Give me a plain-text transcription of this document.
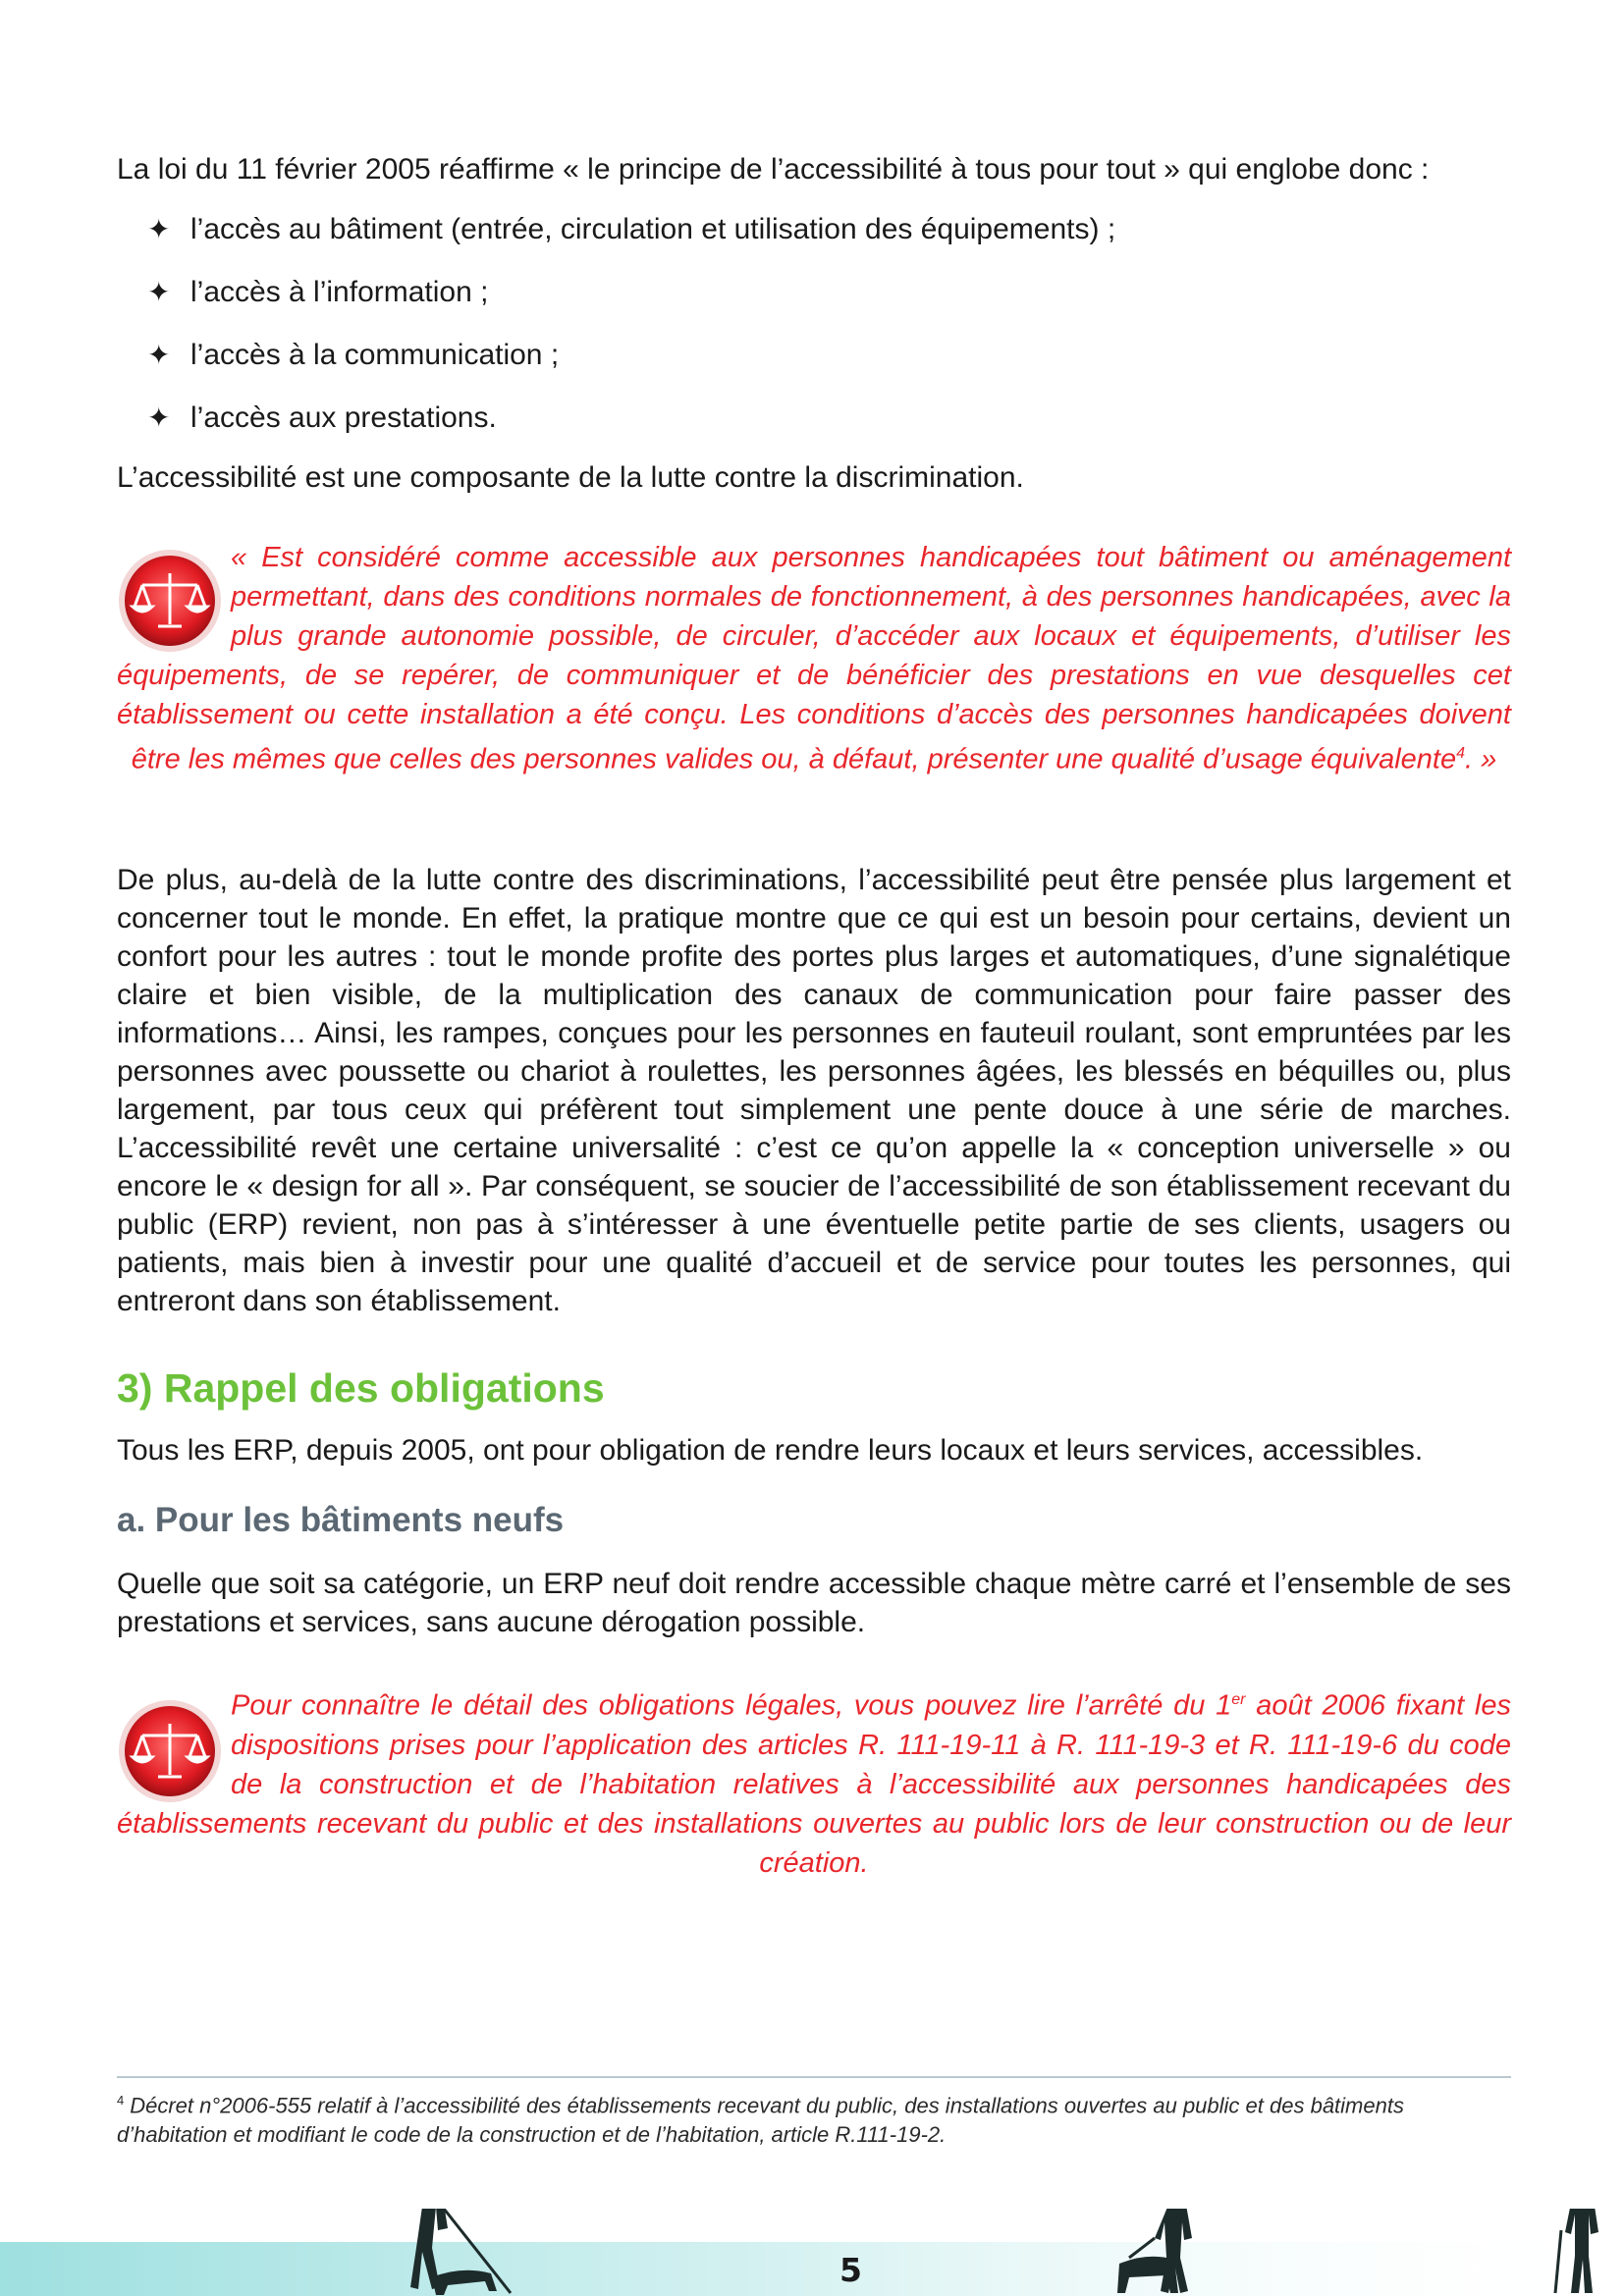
La loi du 11 février 2005 réaffirme « le principe de l’accessibilité à tous pour tout » qui englobe donc :

✦ l’accès au bâtiment (entrée, circulation et utilisation des équipements) ;
✦ l’accès à l’information ;
✦ l’accès à la communication ;
✦ l’accès aux prestations.

L’accessibilité est une composante de la lutte contre la discrimination.

« Est considéré comme accessible aux personnes handicapées tout bâtiment ou aménagement permettant, dans des conditions normales de fonctionnement, à des personnes handicapées, avec la plus grande autonomie possible, de circuler, d’accéder aux locaux et équipements, d’utiliser les équipements, de se repérer, de communiquer et de bénéficier des prestations en vue desquelles cet établissement ou cette installation a été conçu. Les conditions d’accès des personnes handicapées doivent être les mêmes que celles des personnes valides ou, à défaut, présenter une qualité d’usage équivalente$^4$. »

De plus, au-delà de la lutte contre des discriminations, l’accessibilité peut être pensée plus largement et concerner tout le monde. En effet, la pratique montre que ce qui est un besoin pour certains, devient un confort pour les autres : tout le monde profite des portes plus larges et automatiques, d’une signalétique claire et bien visible, de la multiplication des canaux de communication pour faire passer des informations… Ainsi, les rampes, conçues pour les personnes en fauteuil roulant, sont empruntées par les personnes avec poussette ou chariot à roulettes, les personnes âgées, les blessés en béquilles ou, plus largement, par tous ceux qui préfèrent tout simplement une pente douce à une série de marches. L’accessibilité revêt une certaine universalité : c’est ce qu’on appelle la « conception universelle » ou encore le « design for all ». Par conséquent, se soucier de l’accessibilité de son établissement recevant du public (ERP) revient, non pas à s’intéresser à une éventuelle petite partie de ses clients, usagers ou patients, mais bien à investir pour une qualité d’accueil et de service pour toutes les personnes, qui entreront dans son établissement.

3) Rappel des obligations

Tous les ERP, depuis 2005, ont pour obligation de rendre leurs locaux et leurs services, accessibles.

a. Pour les bâtiments neufs

Quelle que soit sa catégorie, un ERP neuf doit rendre accessible chaque mètre carré et l’ensemble de ses prestations et services, sans aucune dérogation possible.

Pour connaître le détail des obligations légales, vous pouvez lire l’arrêté du 1er août 2006 fixant les dispositions prises pour l’application des articles R. 111-19-11 à R. 111-19-3 et R. 111-19-6 du code de la construction et de l’habitation relatives à l’accessibilité aux personnes handicapées des établissements recevant du public et des installations ouvertes au public lors de leur construction ou de leur création.

$^4$ Décret n°2006-555 relatif à l’accessibilité des établissements recevant du public, des installations ouvertes au public et des bâtiments d’habitation et modifiant le code de la construction et de l’habitation, article R.111-19-2.

5
